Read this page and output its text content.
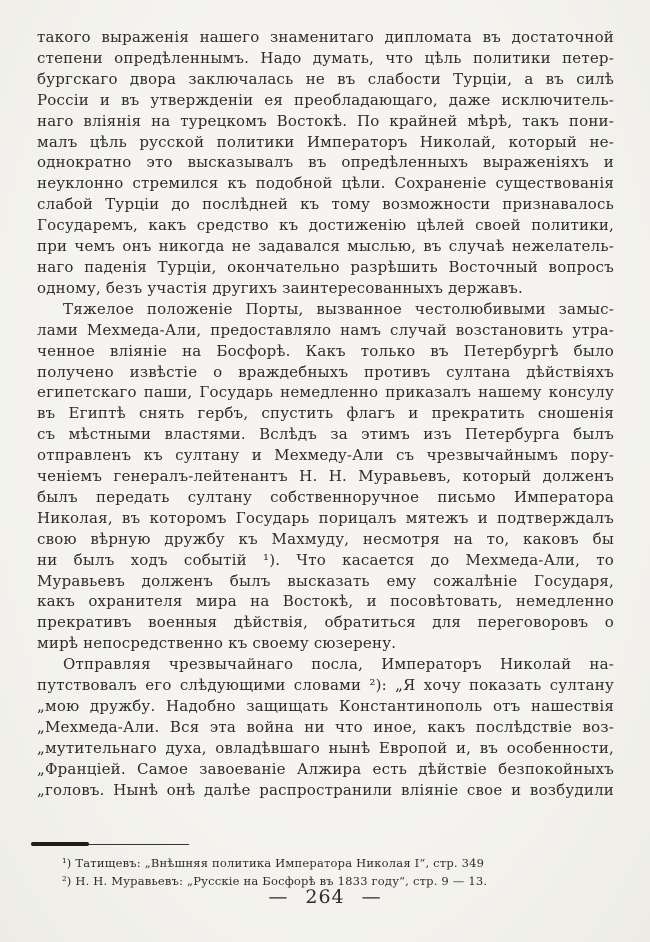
такого выраженія нашего знаменитаго дипломата въ достаточной
степени опредѣленнымъ. Надо думать, что цѣль политики петер-
бургскаго двора заключалась не въ слабости Турціи, а въ силѣ
Россіи и въ утвержденіи ея преобладающаго, даже исключитель-
наго вліянія на турецкомъ Востокѣ. По крайней мѣрѣ, такъ пони-
малъ цѣль русской политики Императоръ Николай, который не-
однократно это высказывалъ въ опредѣленныхъ выраженіяхъ и
неуклонно стремился къ подобной цѣли. Сохраненіе существованія
слабой Турціи до послѣдней къ тому возможности признавалось
Государемъ, какъ средство къ достиженію цѣлей своей политики,
при чемъ онъ никогда не задавался мыслью, въ случаѣ нежелатель-
наго паденія Турціи, окончательно разрѣшить Восточный вопросъ
одному, безъ участія другихъ заинтересованныхъ державъ.
Тяжелое положеніе Порты, вызванное честолюбивыми замыс-
лами Мехмеда-Али, предоставляло намъ случай возстановить утра-
ченное вліяніе на Босфорѣ. Какъ только въ Петербургѣ было
получено извѣстіе о враждебныхъ противъ султана дѣйствіяхъ
египетскаго паши, Государь немедленно приказалъ нашему консулу
въ Египтѣ снять гербъ, спустить флагъ и прекратить сношенія
съ мѣстными властями. Вслѣдъ за этимъ изъ Петербурга былъ
отправленъ къ султану и Мехмеду-Али съ чрезвычайнымъ пору-
ченіемъ генералъ-лейтенантъ Н. Н. Муравьевъ, который долженъ
былъ передать султану собственноручное письмо Императора
Николая, въ которомъ Государь порицалъ мятежъ и подтверждалъ
свою вѣрную дружбу къ Махмуду, несмотря на то, каковъ бы
ни былъ ходъ событій ¹). Что касается до Мехмеда-Али, то
Муравьевъ долженъ былъ высказать ему сожалѣніе Государя,
какъ охранителя мира на Востокѣ, и посовѣтовать, немедленно
прекративъ военныя дѣйствія, обратиться для переговоровъ о
мирѣ непосредственно къ своему сюзерену.
Отправляя чрезвычайнаго посла, Императоръ Николай на-
путствовалъ его слѣдующими словами ²): „Я хочу показать султану
„мою дружбу. Надобно защищать Константинополь отъ нашествія
„Мехмеда-Али. Вся эта война ни что иное, какъ послѣдствіе воз-
„мутительнаго духа, овладѣвшаго нынѣ Европой и, въ особенности,
„Франціей. Самое завоеваніе Алжира есть дѣйствіе безпокойныхъ
„головъ. Нынѣ онѣ далѣе распространили вліяніе свое и возбудили
¹) Татищевъ: „Внѣшняя политика Императора Николая I“, стр. 349
²) Н. Н. Муравьевъ: „Русскіе на Босфорѣ въ 1833 году“, стр. 9 — 13.
— 264 —
